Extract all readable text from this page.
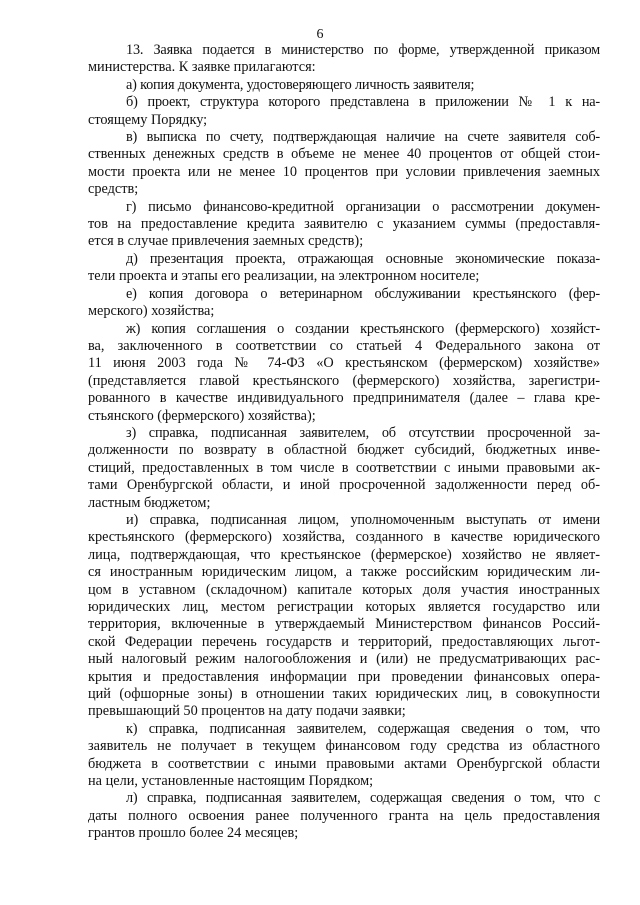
6
13. Заявка подается в министерство по форме, утвержденной приказом
министерства. К заявке прилагаются:
а) копия документа, удостоверяющего личность заявителя;
б) проект, структура которого представлена в приложении № 1 к на-
стоящему Порядку;
в) выписка по счету, подтверждающая наличие на счете заявителя соб-
ственных денежных средств в объеме не менее 40 процентов от общей стои-
мости проекта или не менее 10 процентов при условии привлечения заемных
средств;
г) письмо финансово-кредитной организации о рассмотрении докумен-
тов на предоставление кредита заявителю с указанием суммы (предоставля-
ется в случае привлечения заемных средств);
д) презентация проекта, отражающая основные экономические показа-
тели проекта и этапы его реализации, на электронном носителе;
е) копия договора о ветеринарном обслуживании крестьянского (фер-
мерского) хозяйства;
ж) копия соглашения о создании крестьянского (фермерского) хозяйст-
ва, заключенного в соответствии со статьей 4 Федерального закона от
11 июня 2003 года № 74-ФЗ «О крестьянском (фермерском) хозяйстве»
(представляется главой крестьянского (фермерского) хозяйства, зарегистри-
рованного в качестве индивидуального предпринимателя (далее – глава кре-
стьянского (фермерского) хозяйства);
з) справка, подписанная заявителем, об отсутствии просроченной за-
долженности по возврату в областной бюджет субсидий, бюджетных инве-
стиций, предоставленных в том числе в соответствии с иными правовыми ак-
тами Оренбургской области, и иной просроченной задолженности перед об-
ластным бюджетом;
и) справка, подписанная лицом, уполномоченным выступать от имени
крестьянского (фермерского) хозяйства, созданного в качестве юридического
лица, подтверждающая, что крестьянское (фермерское) хозяйство не являет-
ся иностранным юридическим лицом, а также российским юридическим ли-
цом в уставном (складочном) капитале которых доля участия иностранных
юридических лиц, местом регистрации которых является государство или
территория, включенные в утверждаемый Министерством финансов Россий-
ской Федерации перечень государств и территорий, предоставляющих льгот-
ный налоговый режим налогообложения и (или) не предусматривающих рас-
крытия и предоставления информации при проведении финансовых опера-
ций (офшорные зоны) в отношении таких юридических лиц, в совокупности
превышающий 50 процентов на дату подачи заявки;
к) справка, подписанная заявителем, содержащая сведения о том, что
заявитель не получает в текущем финансовом году средства из областного
бюджета в соответствии с иными правовыми актами Оренбургской области
на цели, установленные настоящим Порядком;
л) справка, подписанная заявителем, содержащая сведения о том, что с
даты полного освоения ранее полученного гранта на цель предоставления
грантов прошло более 24 месяцев;
